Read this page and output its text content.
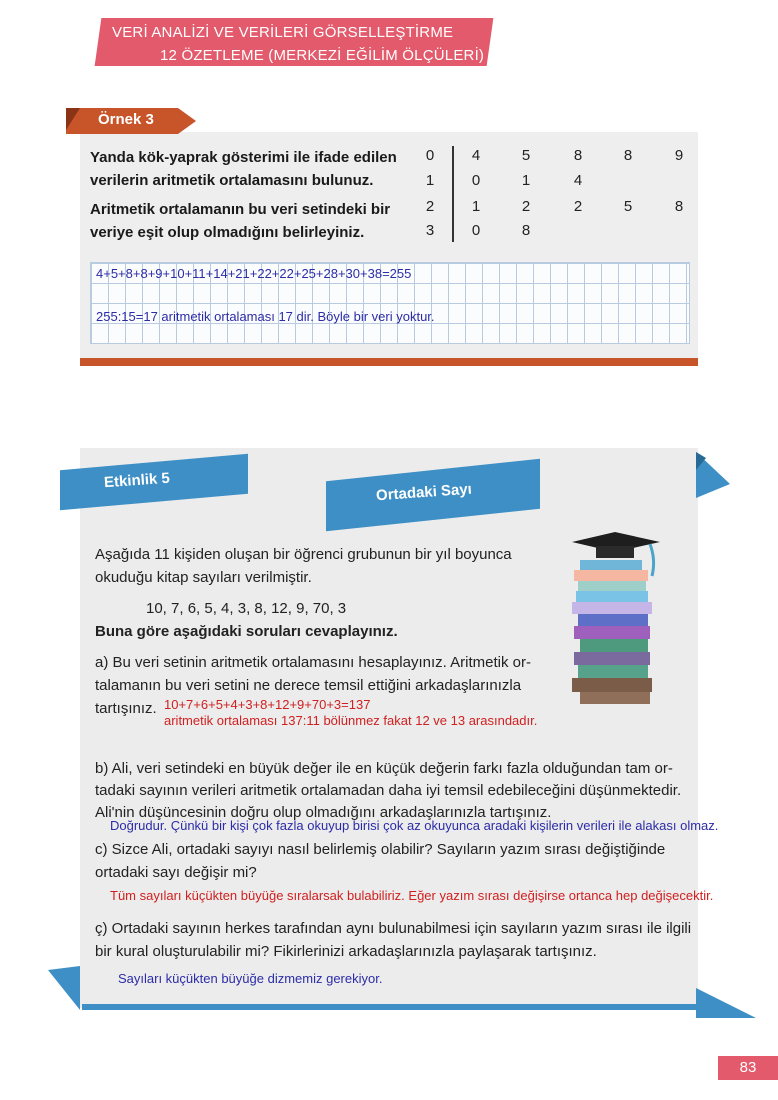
VERİ ANALİZİ VE VERİLERİ GÖRSELLEŞTİRME
12 ÖZETLEME (MERKEZİ EĞİLİM ÖLÇÜLERİ)
Örnek 3
Yanda kök-yaprak gösterimi ile ifade edilen verilerin aritmetik ortalamasını bulunuz.
Aritmetik ortalamanın bu veri setindeki bir veriye eşit olup olmadığını belirleyiniz.
0	4	5	8	8	9
1	0	1	4
2	1	2	2	5	8
3	0	8
4+5+8+8+9+10+11+14+21+22+22+25+28+30+38=255
255:15=17 aritmetik ortalaması 17 dir. Böyle bir veri yoktur.
Etkinlik 5
Ortadaki Sayı
Aşağıda 11 kişiden oluşan bir öğrenci grubunun bir yıl boyunca
okuduğu kitap sayıları verilmiştir.
10, 7, 6, 5, 4, 3, 8, 12, 9, 70, 3
Buna göre aşağıdaki soruları cevaplayınız.
a) Bu veri setinin aritmetik ortalamasını hesaplayınız. Aritmetik or-
talamanın bu veri setini ne derece temsil ettiğini arkadaşlarınızla
tartışınız. 10+7+6+5+4+3+8+12+9+70+3=137
aritmetik ortalaması 137:11 bölünmez fakat 12 ve 13 arasındadır.
b) Ali, veri setindeki en büyük değer ile en küçük değerin farkı fazla olduğundan tam or-
tadaki sayının verileri aritmetik ortalamadan daha iyi temsil edebileceğini düşünmektedir.
Ali'nin düşüncesinin doğru olup olmadığını arkadaşlarınızla tartışınız.
Doğrudur. Çünkü bir kişi çok fazla okuyup birisi çok az okuyunca aradaki kişilerin verileri ile alakası olmaz.
c) Sizce Ali, ortadaki sayıyı nasıl belirlemiş olabilir? Sayıların yazım sırası değiştiğinde
ortadaki sayı değişir mi?
Tüm sayıları küçükten büyüğe sıralarsak bulabiliriz. Eğer yazım sırası değişirse ortanca hep değişecektir.
ç) Ortadaki sayının herkes tarafından aynı bulunabilmesi için sayıların yazım sırası ile ilgili
bir kural oluşturulabilir mi? Fikirlerinizi arkadaşlarınızla paylaşarak tartışınız.
Sayıları küçükten büyüğe dizmemiz gerekiyor.
83
